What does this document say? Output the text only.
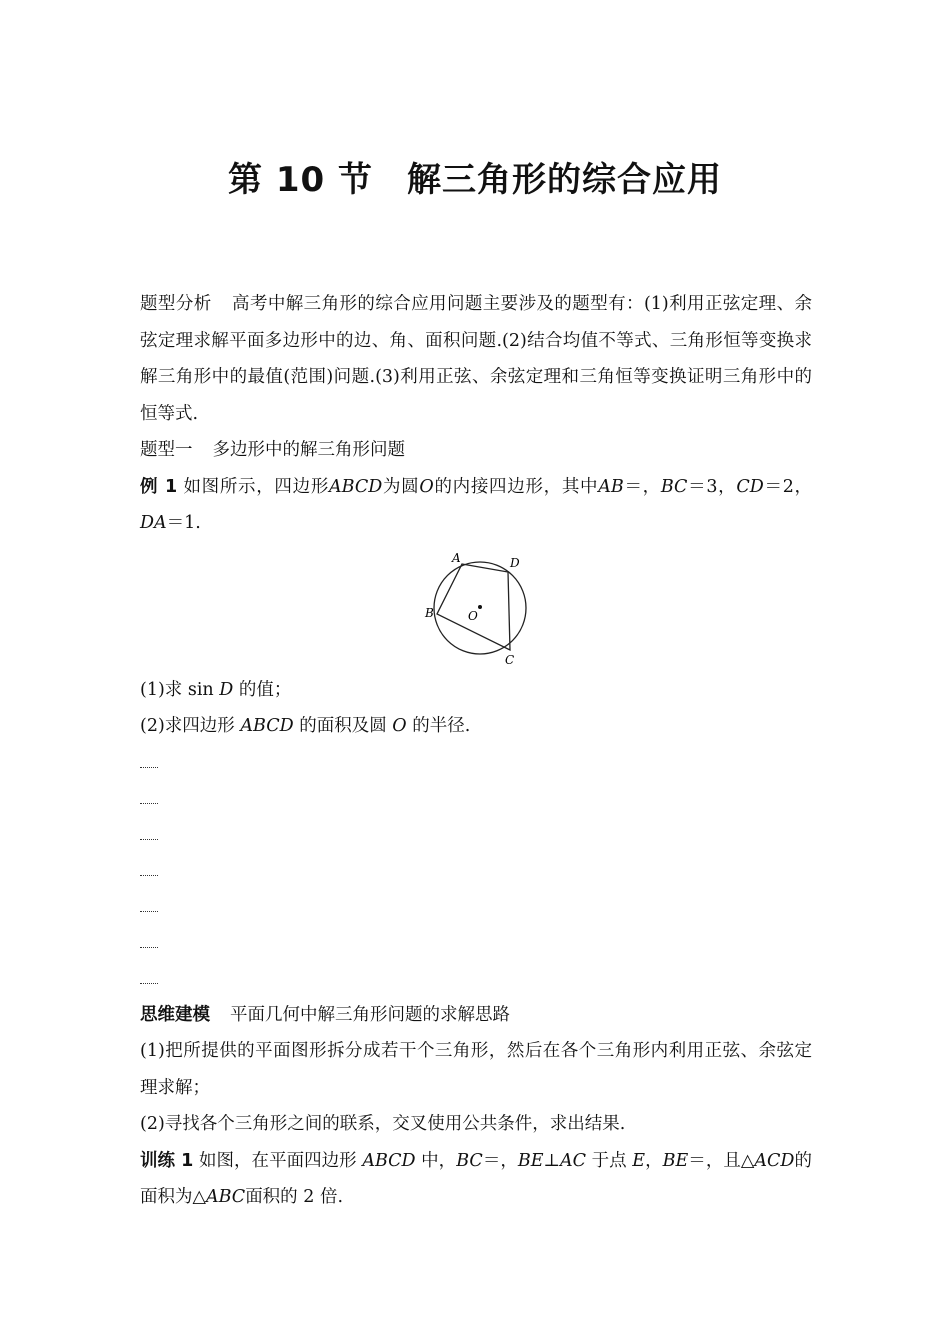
第 10 节 解三角形的综合应用

题型分析 高考中解三角形的综合应用问题主要涉及的题型有：(1)利用正弦定理、余弦定理求解平面多边形中的边、角、面积问题.(2)结合均值不等式、三角形恒等变换求解三角形中的最值(范围)问题.(3)利用正弦、余弦定理和三角恒等变换证明三角形中的恒等式.

题型一 多边形中的解三角形问题

例 1 如图所示，四边形ABCD为圆O的内接四边形，其中AB＝，BC＝3，CD＝2，DA＝1.

A	D
B	O
C

(1)求 sin D 的值；

(2)求四边形 ABCD 的面积及圆 O 的半径.

思维建模 平面几何中解三角形问题的求解思路

(1)把所提供的平面图形拆分成若干个三角形，然后在各个三角形内利用正弦、余弦定理求解；

(2)寻找各个三角形之间的联系，交叉使用公共条件，求出结果.

训练 1 如图，在平面四边形 ABCD 中，BC＝，BE⊥AC 于点 E，BE＝，且△ACD的面积为△ABC面积的 2 倍.
